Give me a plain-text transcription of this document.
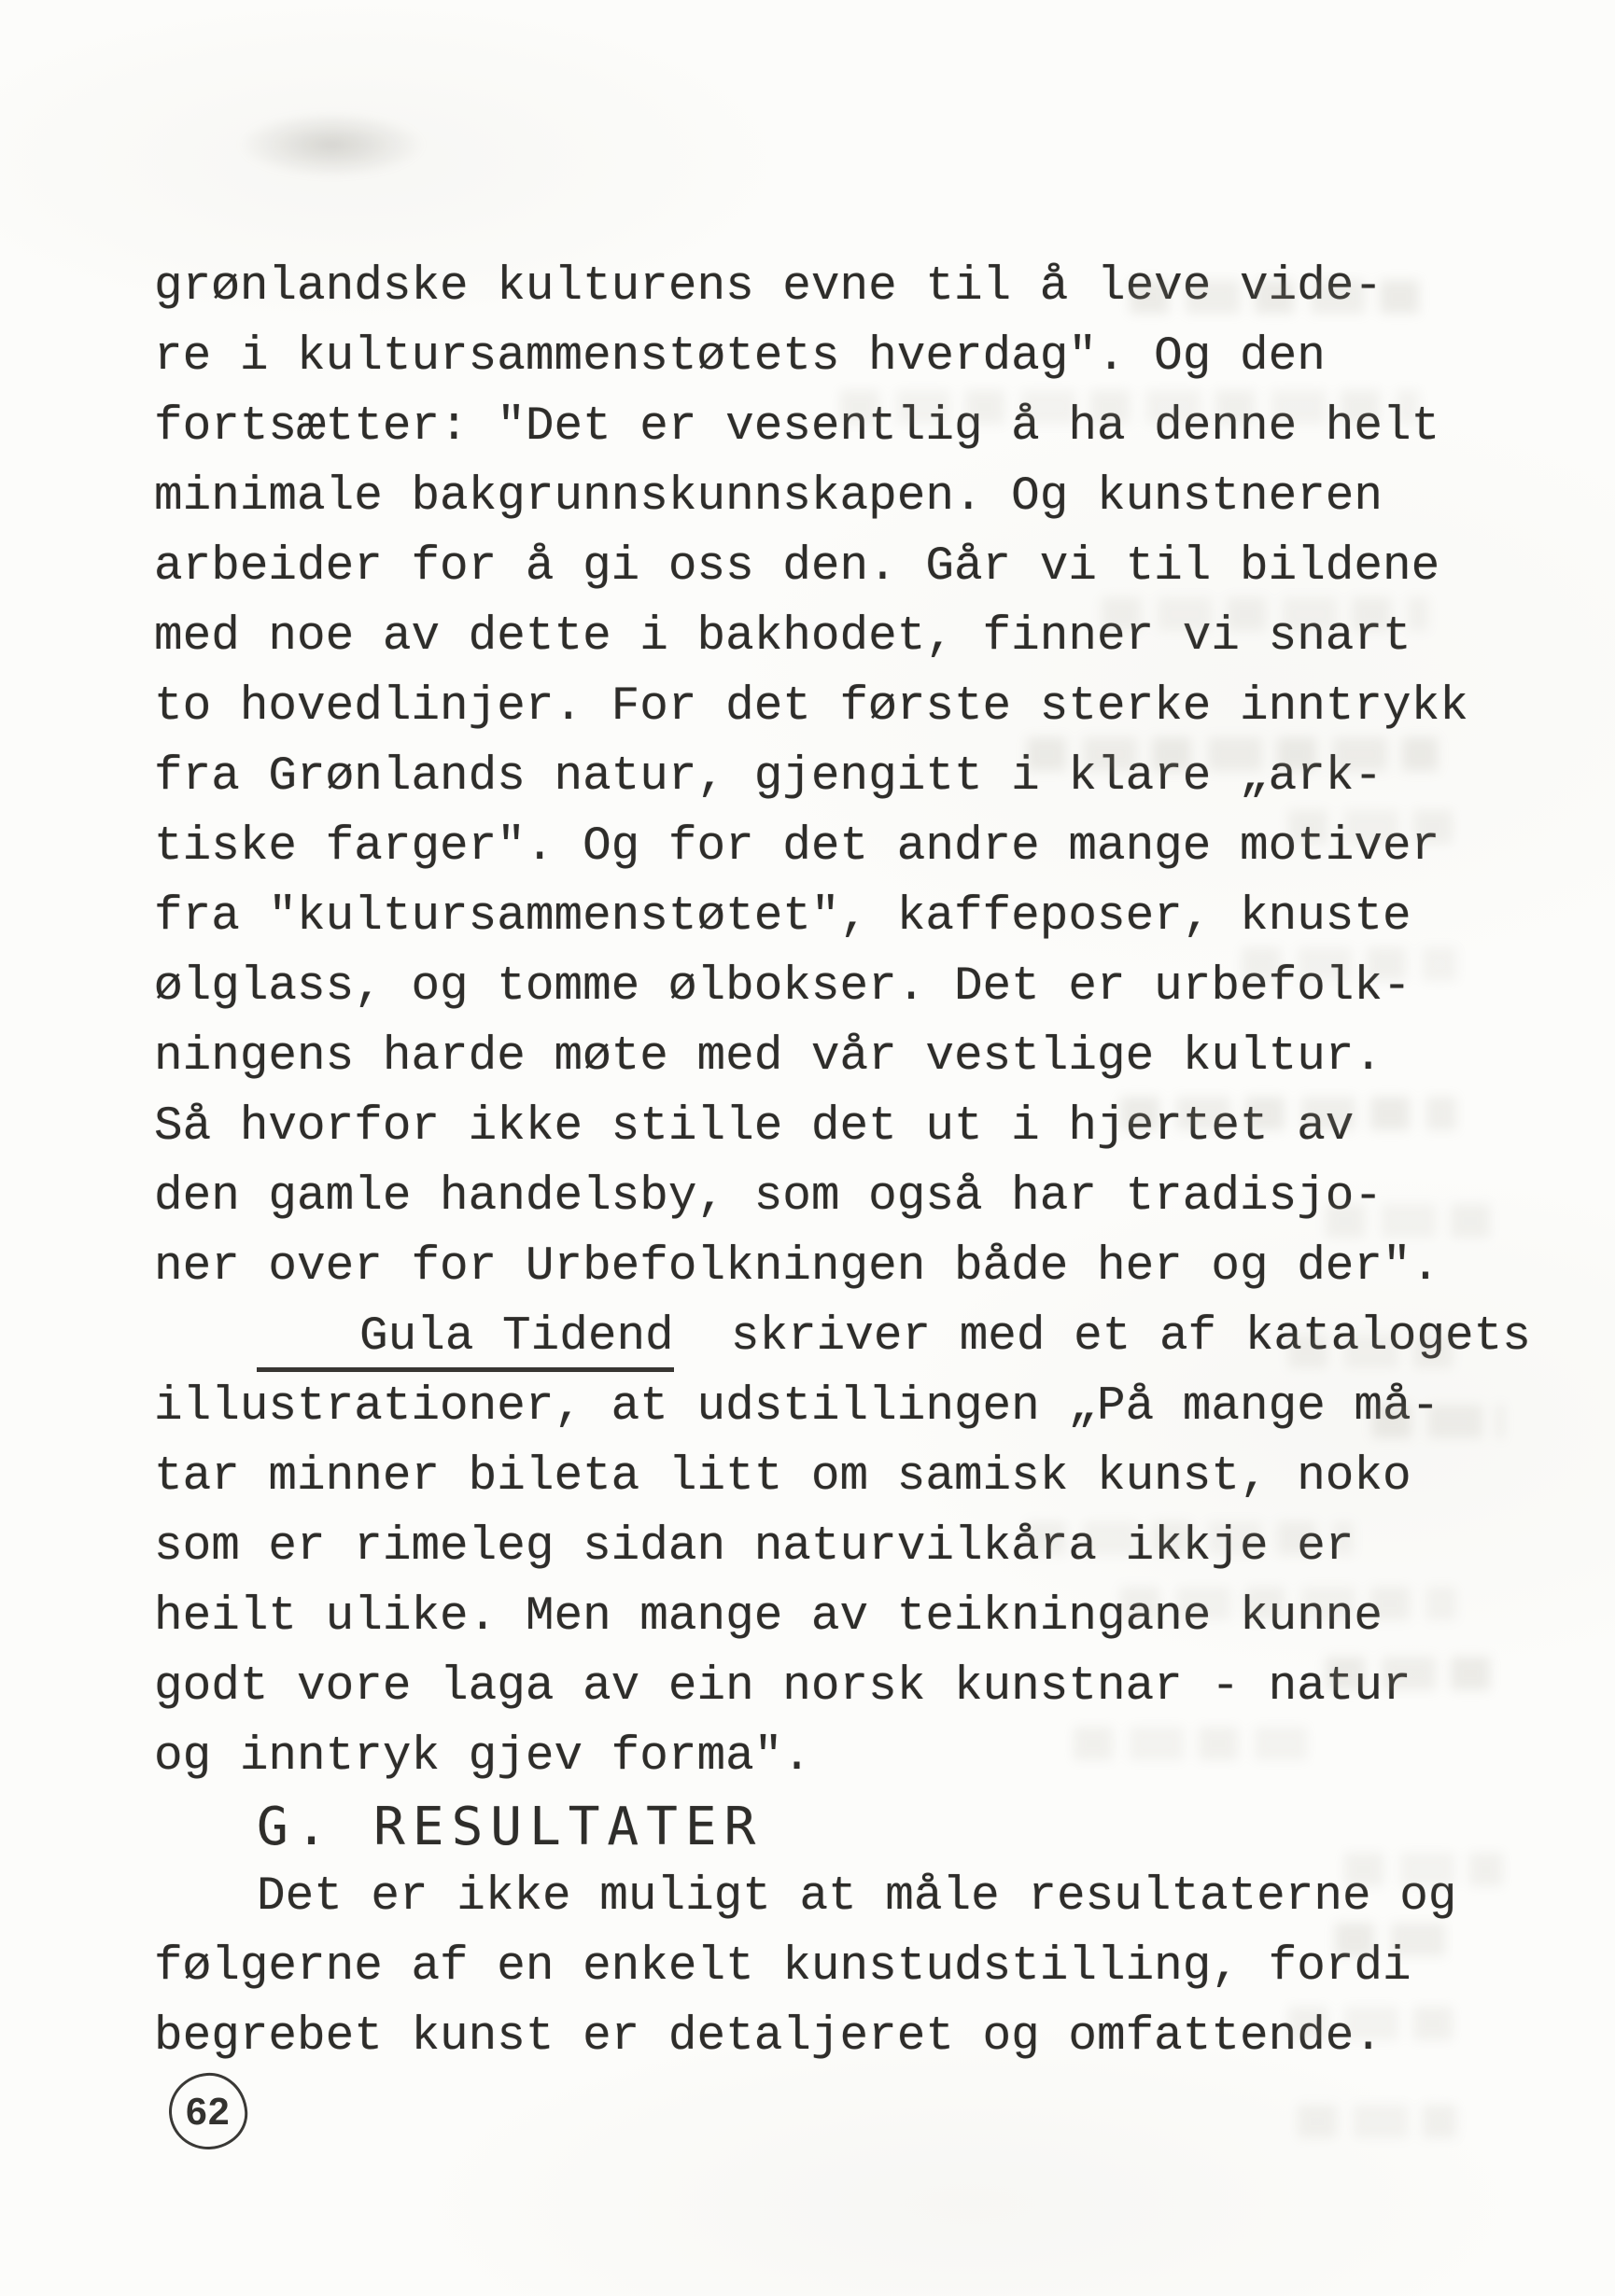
grønlandske kulturens evne til å leve vide-
re i kultursammenstøtets hverdag". Og den
fortsætter: "Det er vesentlig å ha denne helt
minimale bakgrunnskunnskapen. Og kunstneren
arbeider for å gi oss den. Går vi til bildene
med noe av dette i bakhodet, finner vi snart
to hovedlinjer. For det første sterke inntrykk
fra Grønlands natur, gjengitt i klare „ark-
tiske farger". Og for det andre mange motiver
fra "kultursammenstøtet", kaffeposer, knuste
ølglass, og tomme ølbokser. Det er urbefolk-
ningens harde møte med vår vestlige kultur.
Så hvorfor ikke stille det ut i hjertet av
den gamle handelsby, som også har tradisjo-
ner over for Urbefolkningen både her og der".
Gula Tidend  skriver med et af katalogets
illustrationer, at udstillingen „På mange må-
tar minner bileta litt om samisk kunst, noko
som er rimeleg sidan naturvilkåra ikkje er
heilt ulike. Men mange av teikningane kunne
godt vore laga av ein norsk kunstnar - natur
og inntryk gjev forma".
G. RESULTATER
Det er ikke muligt at måle resultaterne og
følgerne af en enkelt kunstudstilling, fordi
begrebet kunst er detaljeret og omfattende.
62
